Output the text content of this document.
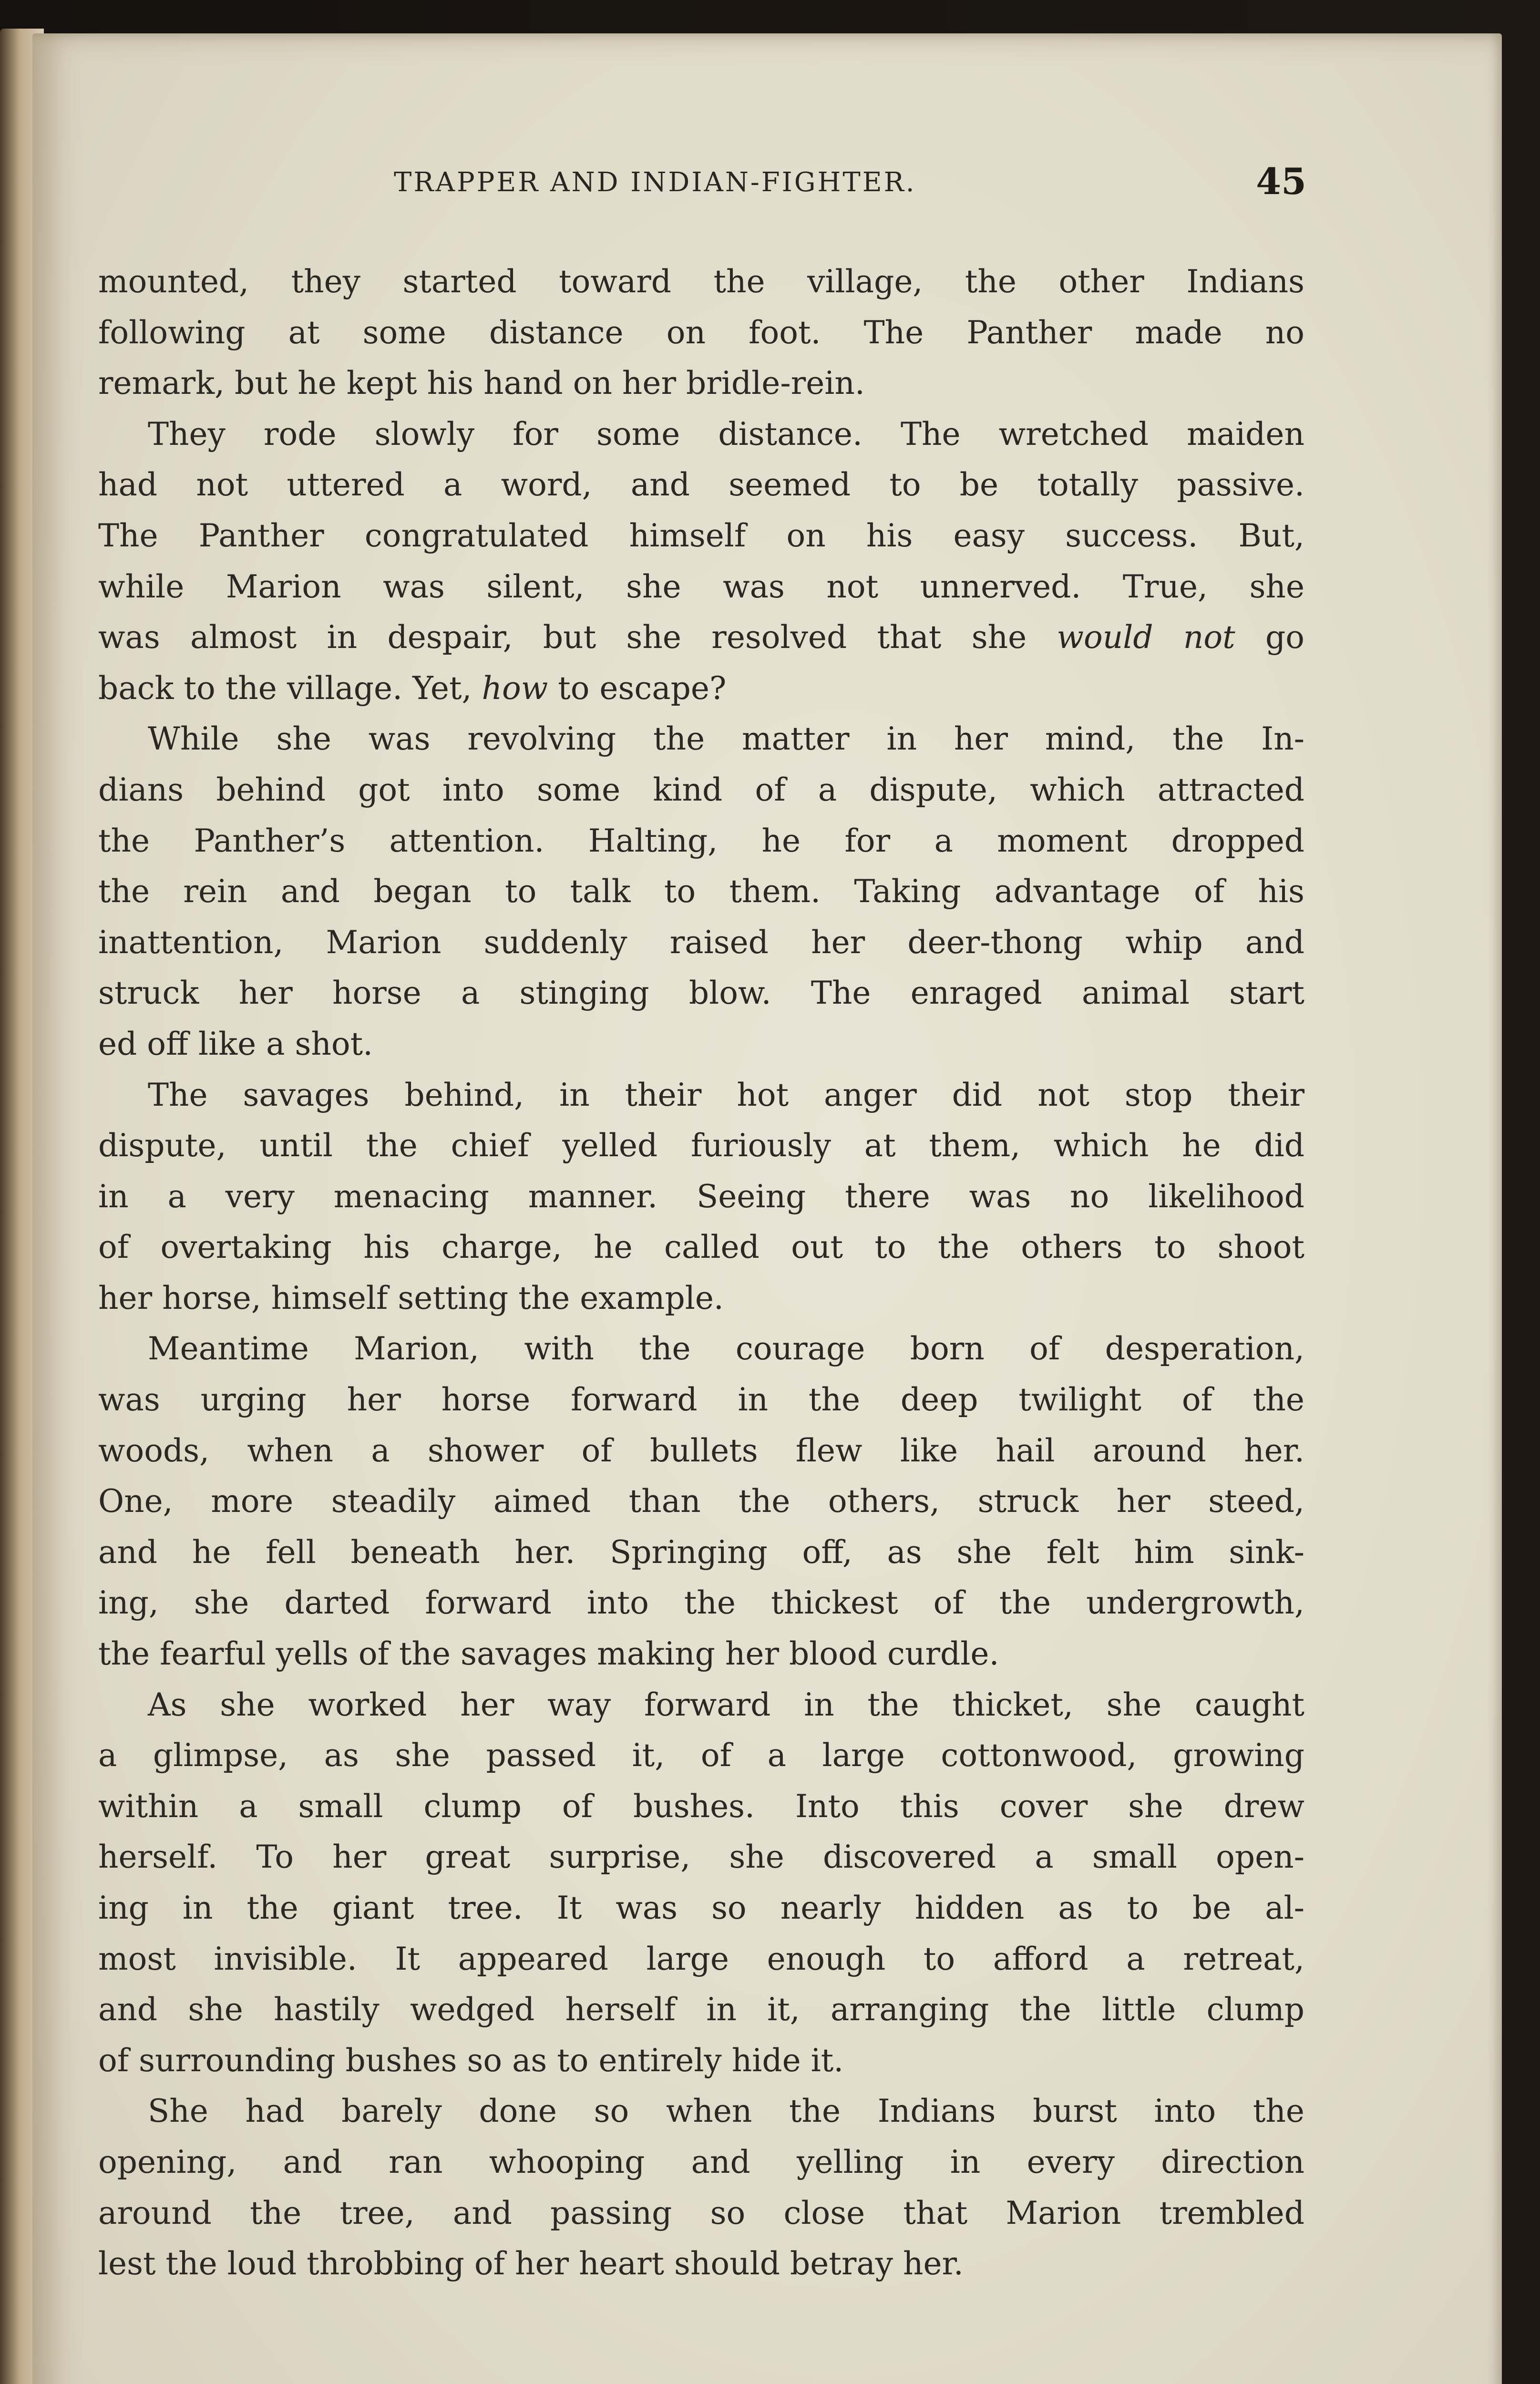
TRAPPER AND INDIAN-FIGHTER.	45
mounted, they started toward the village, the other Indians
following at some distance on foot. The Panther made no
remark, but he kept his hand on her bridle-rein.
They rode slowly for some distance. The wretched maiden
had not uttered a word, and seemed to be totally passive.
The Panther congratulated himself on his easy success. But,
while Marion was silent, she was not unnerved. True, she
was almost in despair, but she resolved that she would not go
back to the village. Yet, how to escape?
While she was revolving the matter in her mind, the In-
dians behind got into some kind of a dispute, which attracted
the Panther’s attention. Halting, he for a moment dropped
the rein and began to talk to them. Taking advantage of his
inattention, Marion suddenly raised her deer-thong whip and
struck her horse a stinging blow. The enraged animal start
ed off like a shot.
The savages behind, in their hot anger did not stop their
dispute, until the chief yelled furiously at them, which he did
in a very menacing manner. Seeing there was no likelihood
of overtaking his charge, he called out to the others to shoot
her horse, himself setting the example.
Meantime Marion, with the courage born of desperation,
was urging her horse forward in the deep twilight of the
woods, when a shower of bullets flew like hail around her.
One, more steadily aimed than the others, struck her steed,
and he fell beneath her. Springing off, as she felt him sink-
ing, she darted forward into the thickest of the undergrowth,
the fearful yells of the savages making her blood curdle.
As she worked her way forward in the thicket, she caught
a glimpse, as she passed it, of a large cottonwood, growing
within a small clump of bushes. Into this cover she drew
herself. To her great surprise, she discovered a small open-
ing in the giant tree. It was so nearly hidden as to be al-
most invisible. It appeared large enough to afford a retreat,
and she hastily wedged herself in it, arranging the little clump
of surrounding bushes so as to entirely hide it.
She had barely done so when the Indians burst into the
opening, and ran whooping and yelling in every direction
around the tree, and passing so close that Marion trembled
lest the loud throbbing of her heart should betray her.
